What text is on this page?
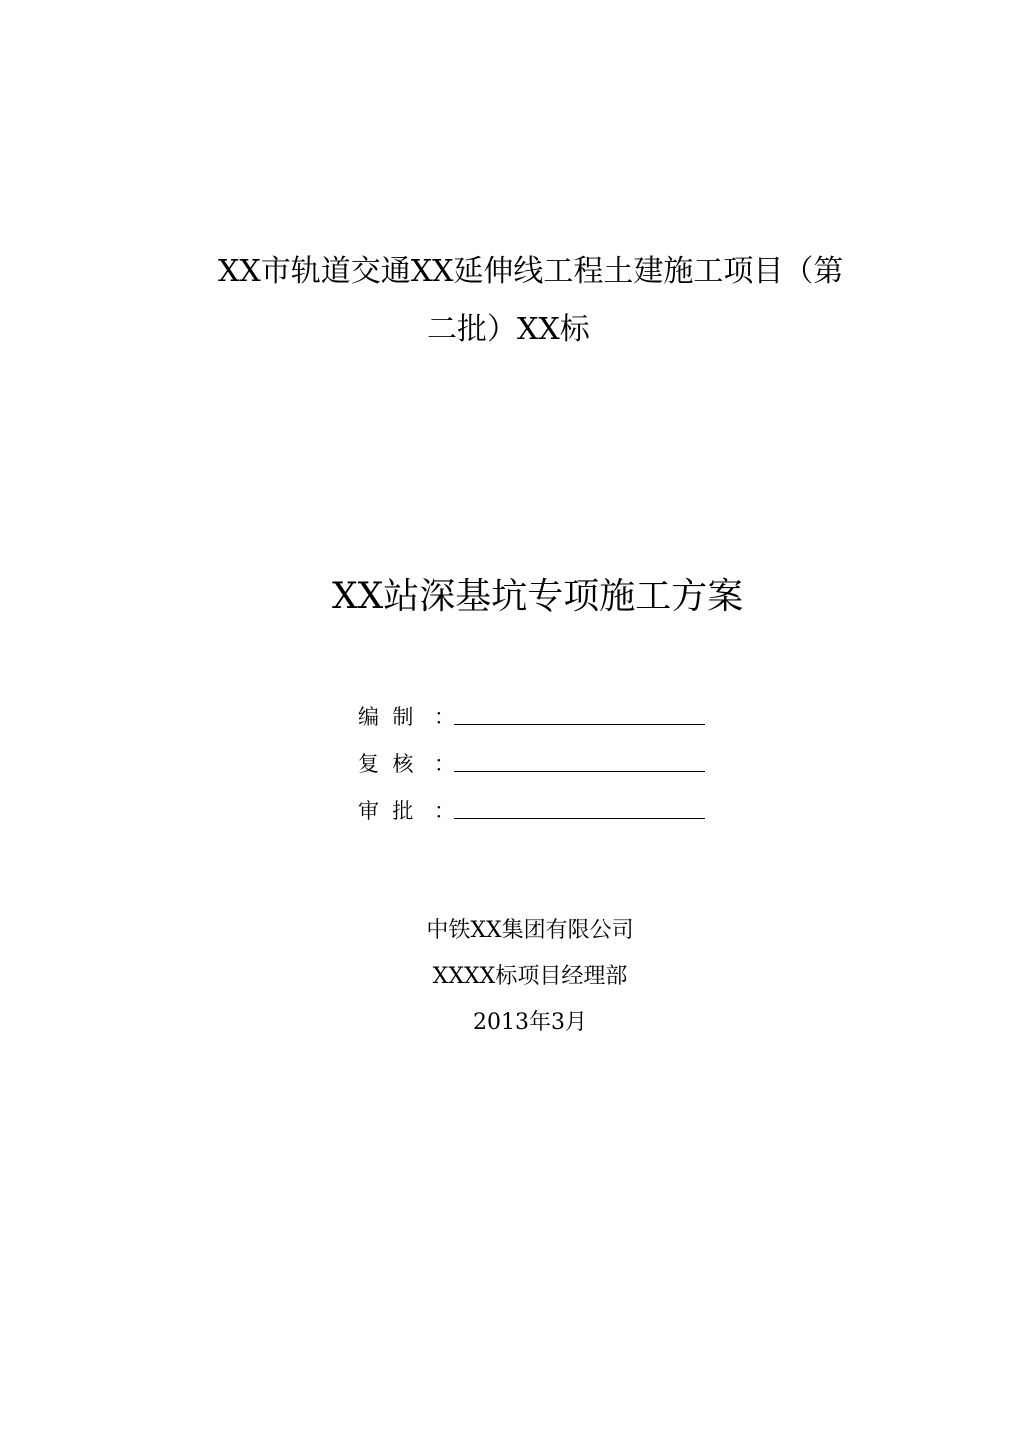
XX市轨道交通XX延伸线工程土建施工项目（第
二批）XX标
XX站深基坑专项施工方案
编  制 ：
复  核 ：
审  批 ：
中铁XX集团有限公司
XXXX标项目经理部
2013年3月
